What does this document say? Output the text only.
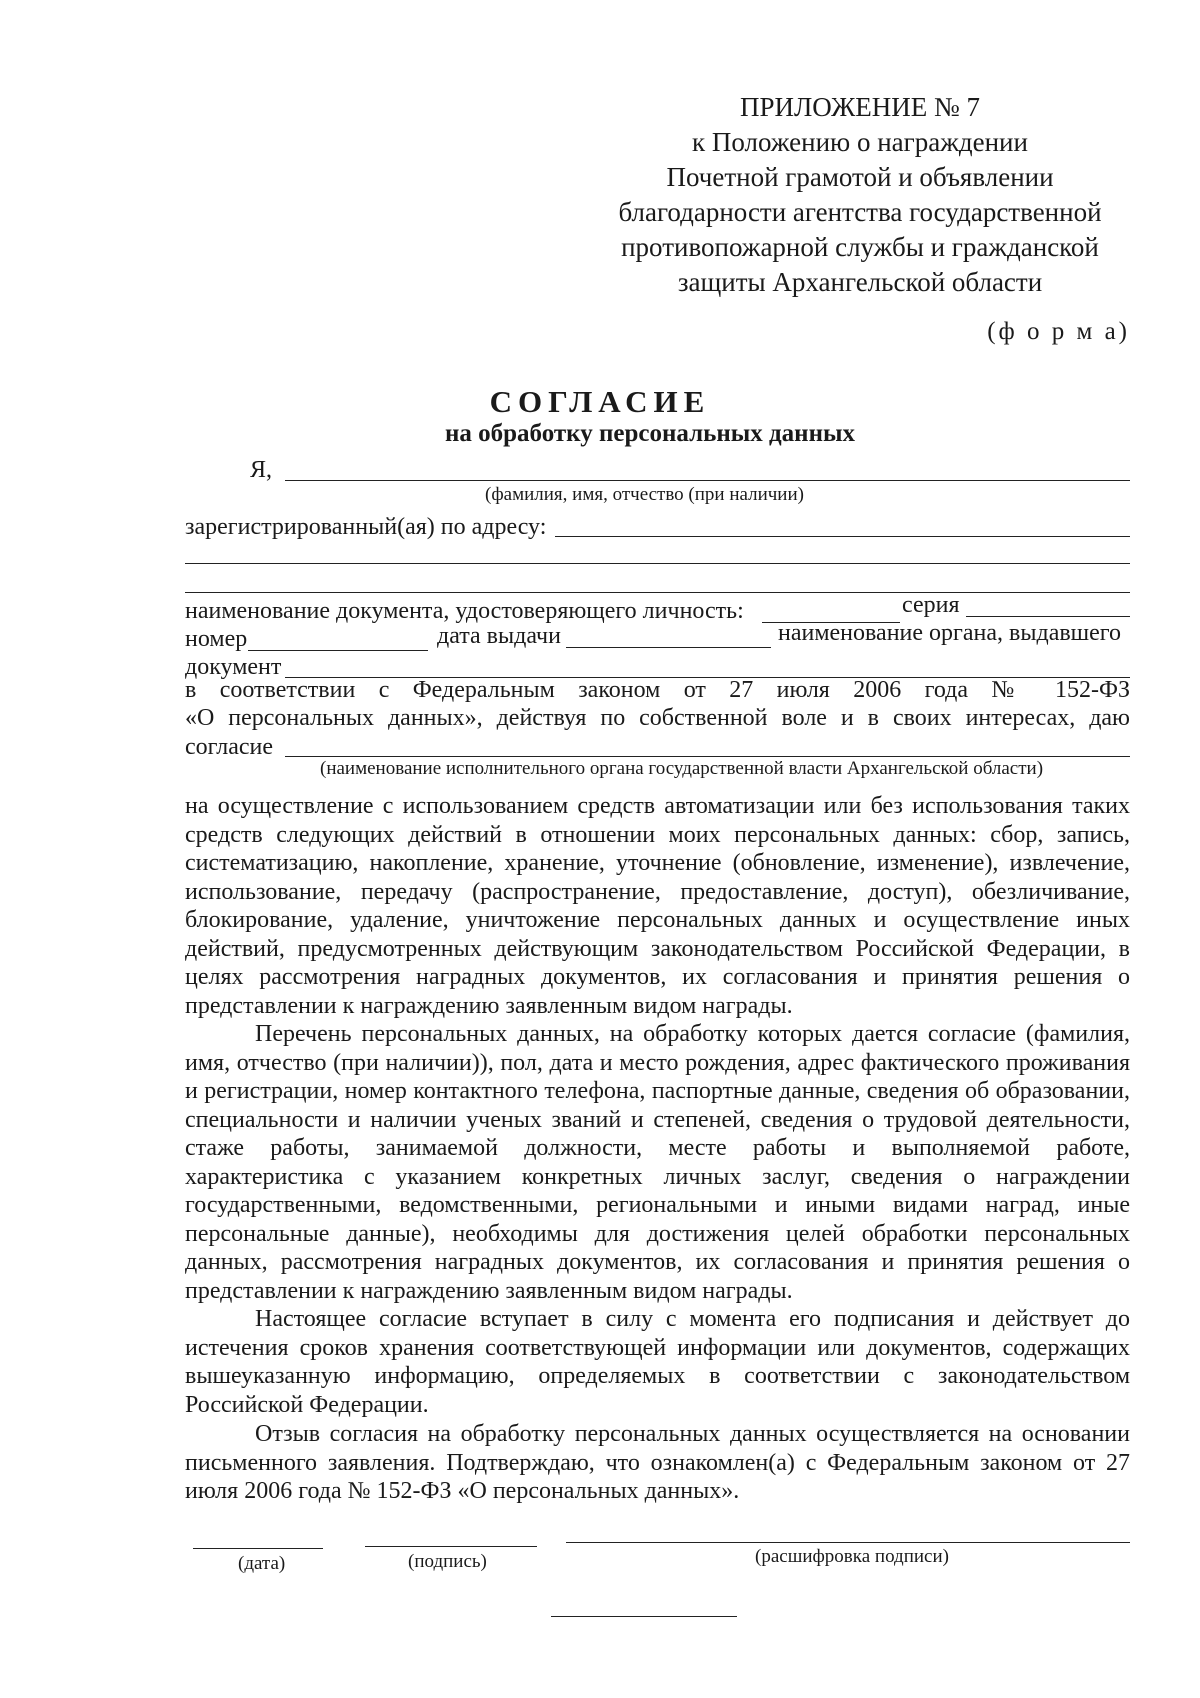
ПРИЛОЖЕНИЕ № 7
к Положению о награждении
Почетной грамотой и объявлении
благодарности агентства государственной
противопожарной службы и гражданской
защиты Архангельской области
(ф о р м а)
СОГЛАСИЕ
на обработку персональных данных
Я,
(фамилия, имя, отчество (при наличии)
зарегистрированный(ая) по адресу:
наименование документа, удостоверяющего личность:	серия
номер	дата выдачи	наименование органа, выдавшего
документ
в соответствии с Федеральным законом от 27 июля 2006 года № 152-ФЗ
«О персональных данных», действуя по собственной воле и в своих интересах, даю
согласие
(наименование исполнительного органа государственной власти Архангельской области)
на осуществление с использованием средств автоматизации или без использования таких средств следующих действий в отношении моих персональных данных: сбор, запись, систематизацию, накопление, хранение, уточнение (обновление, изменение), извлечение, использование, передачу (распространение, предоставление, доступ), обезличивание, блокирование, удаление, уничтожение персональных данных и осуществление иных действий, предусмотренных действующим законодательством Российской Федерации, в целях рассмотрения наградных документов, их согласования и принятия решения о представлении к награждению заявленным видом награды.
Перечень персональных данных, на обработку которых дается согласие (фамилия, имя, отчество (при наличии)), пол, дата и место рождения, адрес фактического проживания и регистрации, номер контактного телефона, паспортные данные, сведения об образовании, специальности и наличии ученых званий и степеней, сведения о трудовой деятельности, стаже работы, занимаемой должности, месте работы и выполняемой работе, характеристика с указанием конкретных личных заслуг, сведения о награждении государственными, ведомственными, региональными и иными видами наград, иные персональные данные), необходимы для достижения целей обработки персональных данных, рассмотрения наградных документов, их согласования и принятия решения о представлении к награждению заявленным видом награды.
Настоящее согласие вступает в силу с момента его подписания и действует до истечения сроков хранения соответствующей информации или документов, содержащих вышеуказанную информацию, определяемых в соответствии с законодательством Российской Федерации.
Отзыв согласия на обработку персональных данных осуществляется на основании письменного заявления. Подтверждаю, что ознакомлен(а) с Федеральным законом от 27 июля 2006 года № 152-ФЗ «О персональных данных».
(дата)	(подпись)	(расшифровка подписи)
